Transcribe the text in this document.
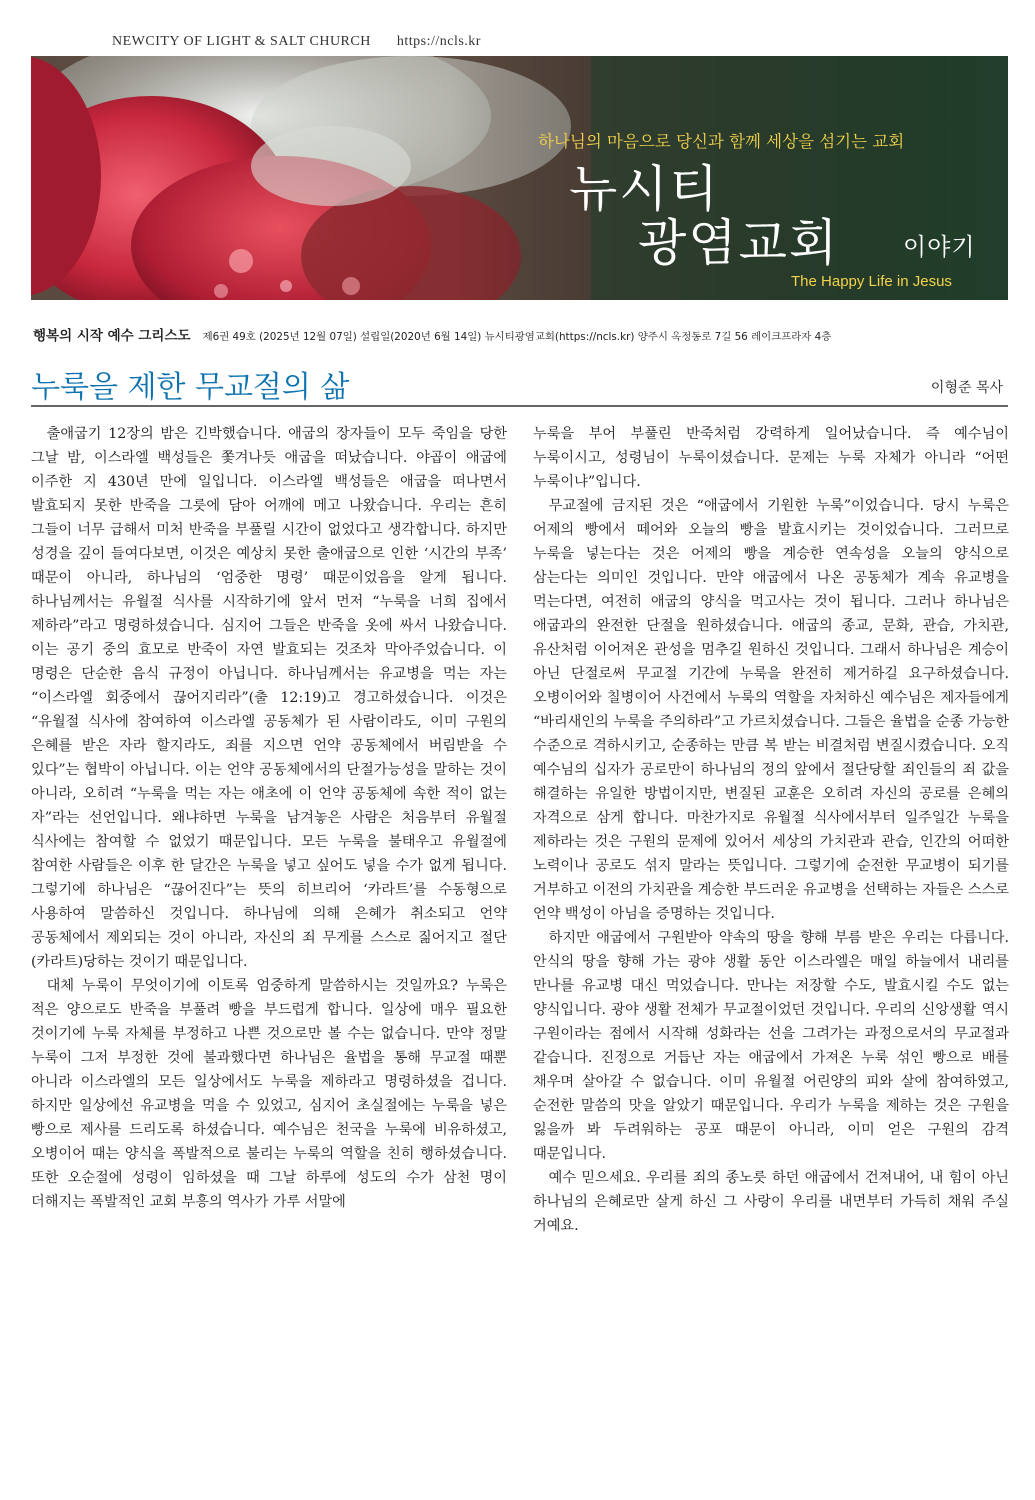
NEWCITY OF LIGHT & SALT CHURCH https://ncls.kr
하나님의 마음으로 당신과 함께 세상을 섬기는 교회
뉴시티
광염교회	이야기
The Happy Life in Jesus
행복의 시작 예수 그리스도 제6권 49호 (2025년 12월 07일) 설립일(2020년 6월 14일) 뉴시티광염교회(https://ncls.kr) 양주시 옥정동로 7길 56 레이크프라자 4층
누룩을 제한 무교절의 삶	이형준 목사

출애굽기 12장의 밤은 긴박했습니다. 애굽의 장자들이 모두 죽임을 당한 그날 밤, 이스라엘 백성들은 쫓겨나듯 애굽을 떠났습니다. 야곱이 애굽에 이주한 지 430년 만에 일입니다. 이스라엘 백성들은 애굽을 떠나면서 발효되지 못한 반죽을 그릇에 담아 어깨에 메고 나왔습니다. 우리는 흔히 그들이 너무 급해서 미처 반죽을 부풀릴 시간이 없었다고 생각합니다. 하지만 성경을 깊이 들여다보면, 이것은 예상치 못한 출애굽으로 인한 ‘시간의 부족’ 때문이 아니라, 하나님의 ‘엄중한 명령’ 때문이었음을 알게 됩니다. 하나님께서는 유월절 식사를 시작하기에 앞서 먼저 “누룩을 너희 집에서 제하라”라고 명령하셨습니다. 심지어 그들은 반죽을 옷에 싸서 나왔습니다. 이는 공기 중의 효모로 반죽이 자연 발효되는 것조차 막아주었습니다. 이 명령은 단순한 음식 규정이 아닙니다. 하나님께서는 유교병을 먹는 자는 “이스라엘 회중에서 끊어지리라”(출 12:19)고 경고하셨습니다. 이것은 “유월절 식사에 참여하여 이스라엘 공동체가 된 사람이라도, 이미 구원의 은혜를 받은 자라 할지라도, 죄를 지으면 언약 공동체에서 버림받을 수 있다”는 협박이 아닙니다. 이는 언약 공동체에서의 단절가능성을 말하는 것이 아니라, 오히려 “누룩을 먹는 자는 애초에 이 언약 공동체에 속한 적이 없는 자”라는 선언입니다. 왜냐하면 누룩을 남겨놓은 사람은 처음부터 유월절 식사에는 참여할 수 없었기 때문입니다. 모든 누룩을 불태우고 유월절에 참여한 사람들은 이후 한 달간은 누룩을 넣고 싶어도 넣을 수가 없게 됩니다. 그렇기에 하나님은 “끊어진다”는 뜻의 히브리어 ‘카라트’를 수동형으로 사용하여 말씀하신 것입니다. 하나님에 의해 은혜가 취소되고 언약 공동체에서 제외되는 것이 아니라, 자신의 죄 무게를 스스로 짊어지고 절단(카라트)당하는 것이기 때문입니다.

대체 누룩이 무엇이기에 이토록 엄중하게 말씀하시는 것일까요? 누룩은 적은 양으로도 반죽을 부풀려 빵을 부드럽게 합니다. 일상에 매우 필요한 것이기에 누룩 자체를 부정하고 나쁜 것으로만 볼 수는 없습니다. 만약 정말 누룩이 그저 부정한 것에 불과했다면 하나님은 율법을 통해 무교절 때뿐 아니라 이스라엘의 모든 일상에서도 누룩을 제하라고 명령하셨을 겁니다. 하지만 일상에선 유교병을 먹을 수 있었고, 심지어 초실절에는 누룩을 넣은 빵으로 제사를 드리도록 하셨습니다. 예수님은 천국을 누룩에 비유하셨고, 오병이어 때는 양식을 폭발적으로 불리는 누룩의 역할을 친히 행하셨습니다. 또한 오순절에 성령이 임하셨을 때 그날 하루에 성도의 수가 삼천 명이 더해지는 폭발적인 교회 부흥의 역사가 가루 서말에

누룩을 부어 부풀린 반죽처럼 강력하게 일어났습니다. 즉 예수님이 누룩이시고, 성령님이 누룩이셨습니다. 문제는 누룩 자체가 아니라 “어떤 누룩이냐”입니다.

무교절에 금지된 것은 “애굽에서 기원한 누룩”이었습니다. 당시 누룩은 어제의 빵에서 떼어와 오늘의 빵을 발효시키는 것이었습니다. 그러므로 누룩을 넣는다는 것은 어제의 빵을 계승한 연속성을 오늘의 양식으로 삼는다는 의미인 것입니다. 만약 애굽에서 나온 공동체가 계속 유교병을 먹는다면, 여전히 애굽의 양식을 먹고사는 것이 됩니다. 그러나 하나님은 애굽과의 완전한 단절을 원하셨습니다. 애굽의 종교, 문화, 관습, 가치관, 유산처럼 이어져온 관성을 멈추길 원하신 것입니다. 그래서 하나님은 계승이 아닌 단절로써 무교절 기간에 누룩을 완전히 제거하길 요구하셨습니다. 오병이어와 칠병이어 사건에서 누룩의 역할을 자처하신 예수님은 제자들에게 “바리새인의 누룩을 주의하라”고 가르치셨습니다. 그들은 율법을 순종 가능한 수준으로 격하시키고, 순종하는 만큼 복 받는 비결처럼 변질시켰습니다. 오직 예수님의 십자가 공로만이 하나님의 정의 앞에서 절단당할 죄인들의 죄 값을 해결하는 유일한 방법이지만, 변질된 교훈은 오히려 자신의 공로를 은혜의 자격으로 삼게 합니다. 마찬가지로 유월절 식사에서부터 일주일간 누룩을 제하라는 것은 구원의 문제에 있어서 세상의 가치관과 관습, 인간의 어떠한 노력이나 공로도 섞지 말라는 뜻입니다. 그렇기에 순전한 무교병이 되기를 거부하고 이전의 가치관을 계승한 부드러운 유교병을 선택하는 자들은 스스로 언약 백성이 아님을 증명하는 것입니다.

하지만 애굽에서 구원받아 약속의 땅을 향해 부름 받은 우리는 다릅니다. 안식의 땅을 향해 가는 광야 생활 동안 이스라엘은 매일 하늘에서 내리를 만나를 유교병 대신 먹었습니다. 만나는 저장할 수도, 발효시킬 수도 없는 양식입니다. 광야 생활 전체가 무교절이었던 것입니다. 우리의 신앙생활 역시 구원이라는 점에서 시작해 성화라는 선을 그려가는 과정으로서의 무교절과 같습니다. 진정으로 거듭난 자는 애굽에서 가져온 누룩 섞인 빵으로 배를 채우며 살아갈 수 없습니다. 이미 유월절 어린양의 피와 살에 참여하였고, 순전한 말씀의 맛을 알았기 때문입니다. 우리가 누룩을 제하는 것은 구원을 잃을까 봐 두려워하는 공포 때문이 아니라, 이미 얻은 구원의 감격 때문입니다.

예수 믿으세요. 우리를 죄의 종노릇 하던 애굽에서 건져내어, 내 힘이 아닌 하나님의 은혜로만 살게 하신 그 사랑이 우리를 내면부터 가득히 채워 주실 거예요.
